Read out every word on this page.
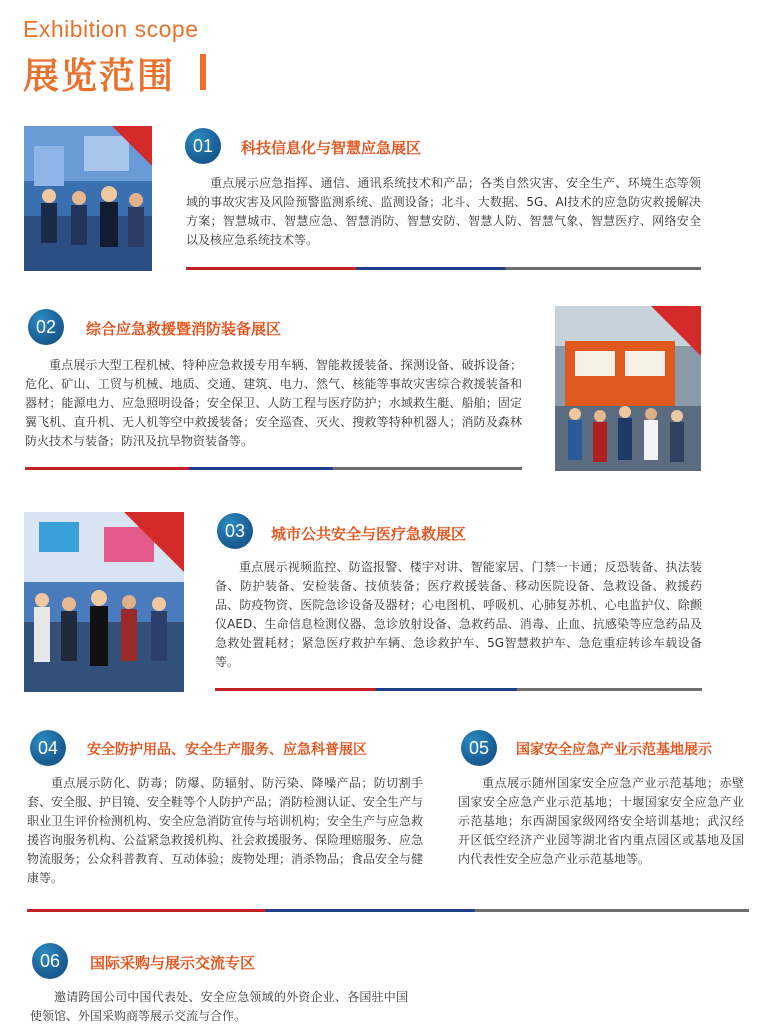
Exhibition scope
展览范围
01	科技信息化与智慧应急展区
重点展示应急指挥、通信、通讯系统技术和产品；各类自然灾害、安全生产、环境生态等领域的事故灾害及风险预警监测系统、监测设备；北斗、大数据、5G、AI技术的应急防灾救援解决方案；智慧城市、智慧应急、智慧消防、智慧安防、智慧人防、智慧气象、智慧医疗、网络安全以及核应急系统技术等。
02	综合应急救援暨消防装备展区
重点展示大型工程机械、特种应急救援专用车辆、智能救援装备、探测设备、破拆设备；危化、矿山、工贸与机械、地质、交通、建筑、电力、然气、核能等事故灾害综合救援装备和器材；能源电力、应急照明设备；安全保卫、人防工程与医疗防护；水域救生艇、船舶；固定翼飞机、直升机、无人机等空中救援装备；安全巡查、灭火、搜救等特种机器人；消防及森林防火技术与装备；防汛及抗旱物资装备等。
03	城市公共安全与医疗急救展区
重点展示视频监控、防盗报警、楼宇对讲、智能家居、门禁一卡通；反恐装备、执法装备、防护装备、安检装备、技侦装备；医疗救援装备、移动医院设备、急救设备、救援药品、防疫物资、医院急诊设备及器材；心电图机、呼吸机、心肺复苏机、心电监护仪、除颤仪AED、生命信息检测仪器、急诊放射设备、急救药品、消毒、止血、抗感染等应急药品及急救处置耗材；紧急医疗救护车辆、急诊救护车、5G智慧救护车、急危重症转诊车载设备等。
04	安全防护用品、安全生产服务、应急科普展区
重点展示防化、防毒；防爆、防辐射、防污染、降噪产品；防切割手套、安全服、护目镜、安全鞋等个人防护产品；消防检测认证、安全生产与职业卫生评价检测机构、安全应急消防宣传与培训机构；安全生产与应急救援咨询服务机构、公益紧急救援机构、社会救援服务、保险理赔服务、应急物流服务；公众科普教育、互动体验；废物处理；消杀物品；食品安全与健康等。
05	国家安全应急产业示范基地展示
重点展示随州国家安全应急产业示范基地；赤壁国家安全应急产业示范基地；十堰国家安全应急产业示范基地；东西湖国家级网络安全培训基地；武汉经开区低空经济产业园等湖北省内重点园区或基地及国内代表性安全应急产业示范基地等。
06	国际采购与展示交流专区
邀请跨国公司中国代表处、安全应急领域的外资企业、各国驻中国使领馆、外国采购商等展示交流与合作。
